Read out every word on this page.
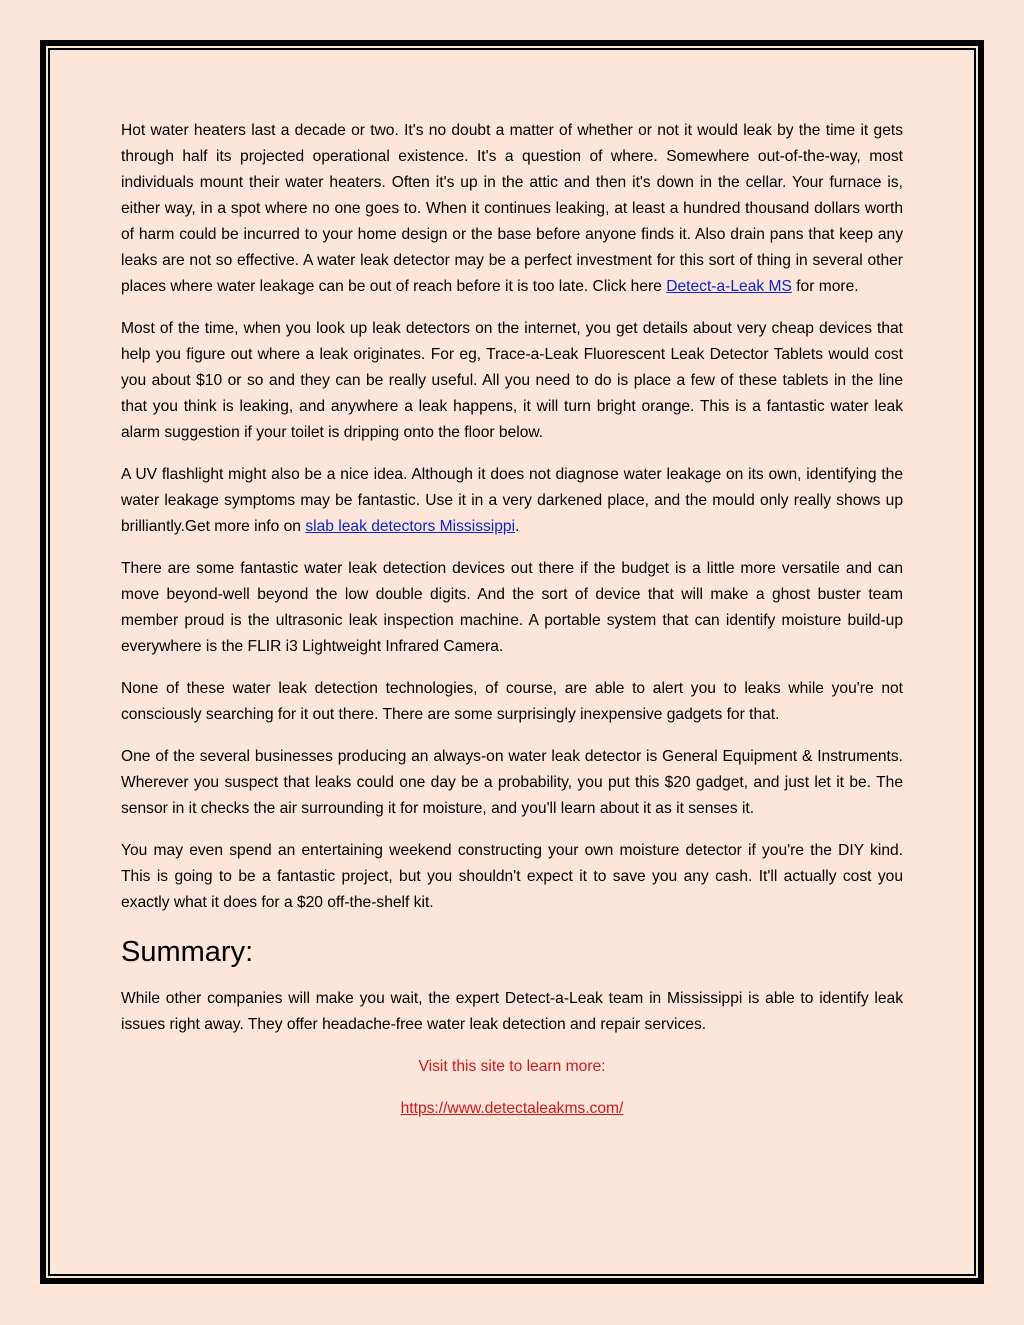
Hot water heaters last a decade or two. It's no doubt a matter of whether or not it would leak by the time it gets through half its projected operational existence. It's a question of where. Somewhere out-of-the-way, most individuals mount their water heaters. Often it's up in the attic and then it's down in the cellar. Your furnace is, either way, in a spot where no one goes to. When it continues leaking, at least a hundred thousand dollars worth of harm could be incurred to your home design or the base before anyone finds it. Also drain pans that keep any leaks are not so effective. A water leak detector may be a perfect investment for this sort of thing in several other places where water leakage can be out of reach before it is too late. Click here Detect-a-Leak MS for more.

Most of the time, when you look up leak detectors on the internet, you get details about very cheap devices that help you figure out where a leak originates. For eg, Trace-a-Leak Fluorescent Leak Detector Tablets would cost you about $10 or so and they can be really useful. All you need to do is place a few of these tablets in the line that you think is leaking, and anywhere a leak happens, it will turn bright orange. This is a fantastic water leak alarm suggestion if your toilet is dripping onto the floor below.

A UV flashlight might also be a nice idea. Although it does not diagnose water leakage on its own, identifying the water leakage symptoms may be fantastic. Use it in a very darkened place, and the mould only really shows up brilliantly.Get more info on slab leak detectors Mississippi.

There are some fantastic water leak detection devices out there if the budget is a little more versatile and can move beyond-well beyond the low double digits. And the sort of device that will make a ghost buster team member proud is the ultrasonic leak inspection machine. A portable system that can identify moisture build-up everywhere is the FLIR i3 Lightweight Infrared Camera.

None of these water leak detection technologies, of course, are able to alert you to leaks while you're not consciously searching for it out there. There are some surprisingly inexpensive gadgets for that.

One of the several businesses producing an always-on water leak detector is General Equipment & Instruments. Wherever you suspect that leaks could one day be a probability, you put this $20 gadget, and just let it be. The sensor in it checks the air surrounding it for moisture, and you'll learn about it as it senses it.

You may even spend an entertaining weekend constructing your own moisture detector if you're the DIY kind. This is going to be a fantastic project, but you shouldn't expect it to save you any cash. It'll actually cost you exactly what it does for a $20 off-the-shelf kit.

Summary:

While other companies will make you wait, the expert Detect-a-Leak team in Mississippi is able to identify leak issues right away. They offer headache-free water leak detection and repair services.

Visit this site to learn more:

https://www.detectaleakms.com/
